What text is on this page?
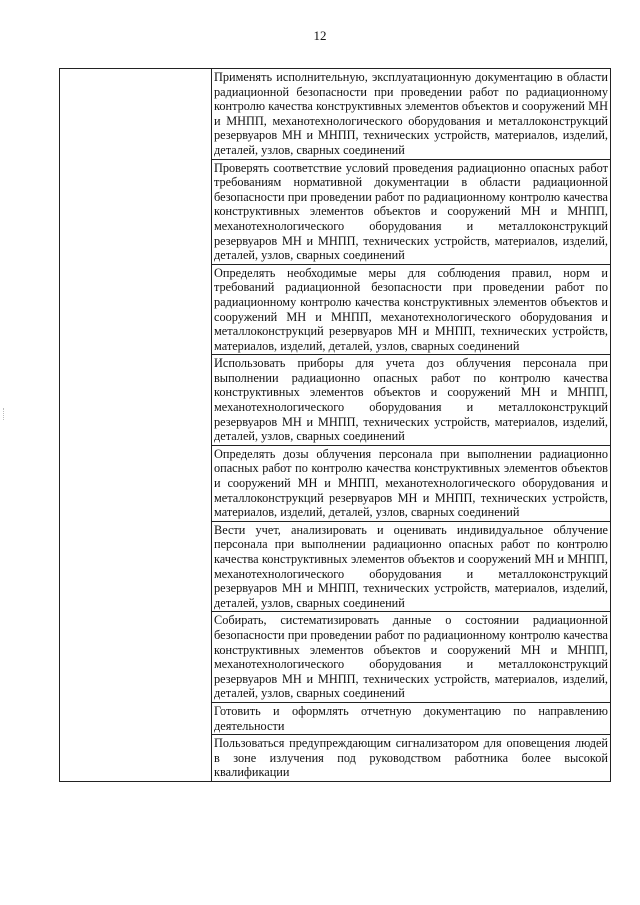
12

Применять исполнительную, эксплуатационную документацию в области радиационной безопасности при проведении работ по радиационному контролю качества конструктивных элементов объектов и сооружений МН и МНПП, механотехнологического оборудования и металлоконструкций резервуаров МН и МНПП, технических устройств, материалов, изделий, деталей, узлов, сварных соединений

Проверять соответствие условий проведения радиационно опасных работ требованиям нормативной документации в области радиационной безопасности при проведении работ по радиационному контролю качества конструктивных элементов объектов и сооружений МН и МНПП, механотехнологического оборудования и металлоконструкций резервуаров МН и МНПП, технических устройств, материалов, изделий, деталей, узлов, сварных соединений

Определять необходимые меры для соблюдения правил, норм и требований радиационной безопасности при проведении работ по радиационному контролю качества конструктивных элементов объектов и сооружений МН и МНПП, механотехнологического оборудования и металлоконструкций резервуаров МН и МНПП, технических устройств, материалов, изделий, деталей, узлов, сварных соединений

Использовать приборы для учета доз облучения персонала при выполнении радиационно опасных работ по контролю качества конструктивных элементов объектов и сооружений МН и МНПП, механотехнологического оборудования и металлоконструкций резервуаров МН и МНПП, технических устройств, материалов, изделий, деталей, узлов, сварных соединений

Определять дозы облучения персонала при выполнении радиационно опасных работ по контролю качества конструктивных элементов объектов и сооружений МН и МНПП, механотехнологического оборудования и металлоконструкций резервуаров МН и МНПП, технических устройств, материалов, изделий, деталей, узлов, сварных соединений

Вести учет, анализировать и оценивать индивидуальное облучение персонала при выполнении радиационно опасных работ по контролю качества конструктивных элементов объектов и сооружений МН и МНПП, механотехнологического оборудования и металлоконструкций резервуаров МН и МНПП, технических устройств, материалов, изделий, деталей, узлов, сварных соединений

Собирать, систематизировать данные о состоянии радиационной безопасности при проведении работ по радиационному контролю качества конструктивных элементов объектов и сооружений МН и МНПП, механотехнологического оборудования и металлоконструкций резервуаров МН и МНПП, технических устройств, материалов, изделий, деталей, узлов, сварных соединений

Готовить и оформлять отчетную документацию по направлению деятельности

Пользоваться предупреждающим сигнализатором для оповещения людей в зоне излучения под руководством работника более высокой квалификации
